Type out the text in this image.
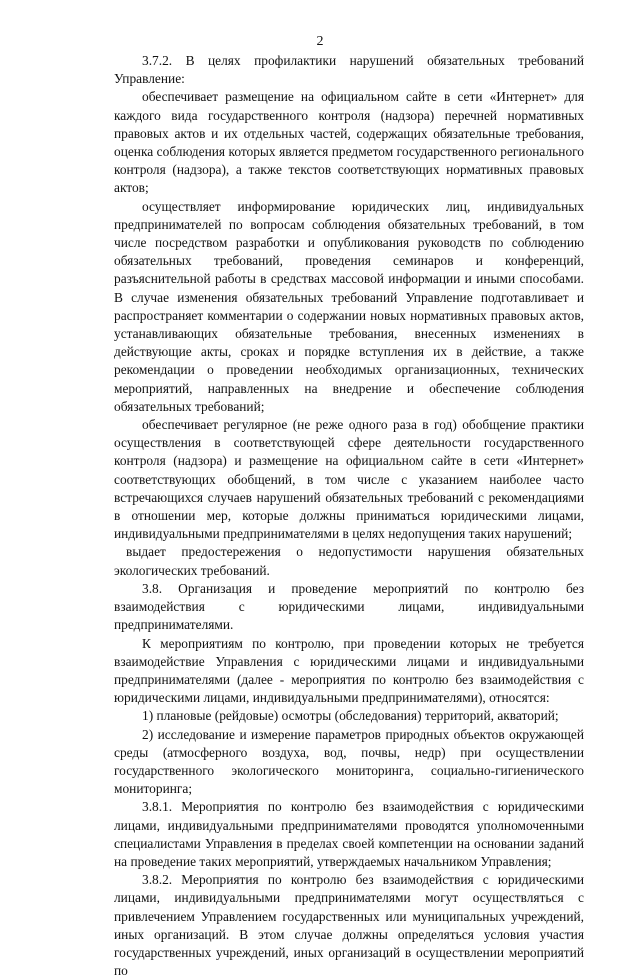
2

3.7.2. В целях профилактики нарушений обязательных требований Управление:

обеспечивает размещение на официальном сайте в сети «Интернет» для каждого вида государственного контроля (надзора) перечней нормативных правовых актов и их отдельных частей, содержащих обязательные требования, оценка соблюдения которых является предметом государственного регионального контроля (надзора), а также текстов соответствующих нормативных правовых актов;

осуществляет информирование юридических лиц, индивидуальных предпринимателей по вопросам соблюдения обязательных требований, в том числе посредством разработки и опубликования руководств по соблюдению обязательных требований, проведения семинаров и конференций, разъяснительной работы в средствах массовой информации и иными способами. В случае изменения обязательных требований Управление подготавливает и распространяет комментарии о содержании новых нормативных правовых актов, устанавливающих обязательные требования, внесенных изменениях в действующие акты, сроках и порядке вступления их в действие, а также рекомендации о проведении необходимых организационных, технических мероприятий, направленных на внедрение и обеспечение соблюдения обязательных требований;

обеспечивает регулярное (не реже одного раза в год) обобщение практики осуществления в соответствующей сфере деятельности государственного контроля (надзора) и размещение на официальном сайте в сети «Интернет» соответствующих обобщений, в том числе с указанием наиболее часто встречающихся случаев нарушений обязательных требований с рекомендациями в отношении мер, которые должны приниматься юридическими лицами, индивидуальными предпринимателями в целях недопущения таких нарушений;

выдает предостережения о недопустимости нарушения обязательных экологических требований.

3.8. Организация и проведение мероприятий по контролю без взаимодействия с юридическими лицами, индивидуальными предпринимателями.

К мероприятиям по контролю, при проведении которых не требуется взаимодействие Управления с юридическими лицами и индивидуальными предпринимателями (далее - мероприятия по контролю без взаимодействия с юридическими лицами, индивидуальными предпринимателями), относятся:

1) плановые (рейдовые) осмотры (обследования) территорий, акваторий;

2) исследование и измерение параметров природных объектов окружающей среды (атмосферного воздуха, вод, почвы, недр) при осуществлении государственного экологического мониторинга, социально-гигиенического мониторинга;

3.8.1. Мероприятия по контролю без взаимодействия с юридическими лицами, индивидуальными предпринимателями проводятся уполномоченными специалистами Управления в пределах своей компетенции на основании заданий на проведение таких мероприятий, утверждаемых начальником Управления;

3.8.2. Мероприятия по контролю без взаимодействия с юридическими лицами, индивидуальными предпринимателями могут осуществляться с привлечением Управлением государственных или муниципальных учреждений, иных организаций. В этом случае должны определяться условия участия государственных учреждений, иных организаций в осуществлении мероприятий по
